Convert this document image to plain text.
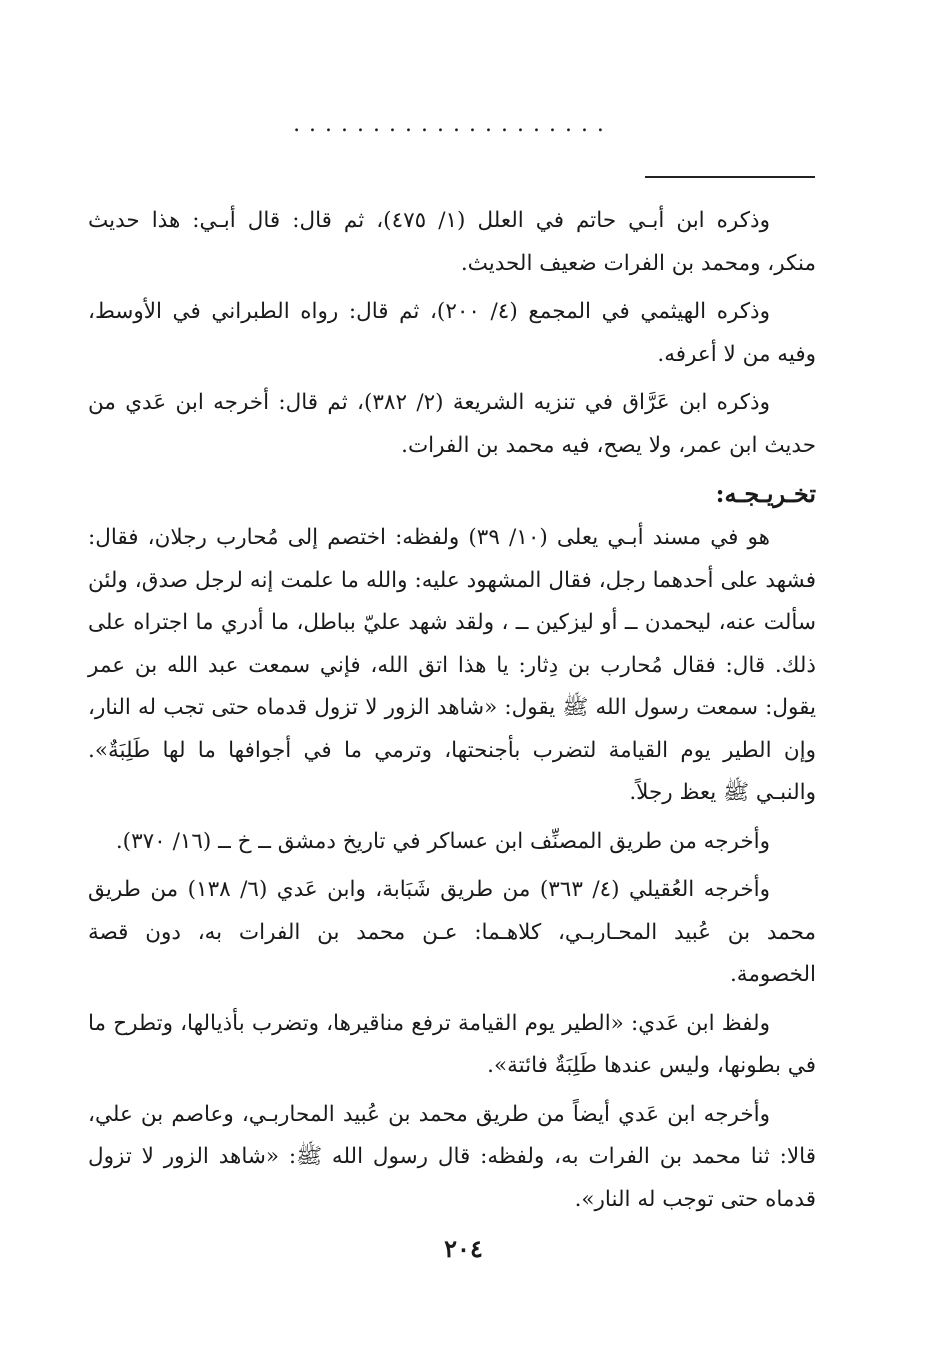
....................
وذكره ابن أبـي حاتم في العلل (١/ ٤٧٥)، ثم قال: قال أبـي: هذا حديث
منكر، ومحمد بن الفرات ضعيف الحديث.
وذكره الهيثمي في المجمع (٤/ ٢٠٠)، ثم قال: رواه الطبراني في الأوسط،
وفيه من لا أعرفه.
وذكره ابن عَرَّاق في تنزيه الشريعة (٢/ ٣٨٢)، ثم قال: أخرجه ابن عَدي من
حديث ابن عمر، ولا يصح، فيه محمد بن الفرات.
تخـريـجـه:
هو في مسند أبـي يعلى (١٠/ ٣٩) ولفظه: اختصم إلى مُحارب رجلان، فقال:
فشهد على أحدهما رجل، فقال المشهود عليه: والله ما علمت إنه لرجل صدق، ولئن
سألت عنه، ليحمدن ــ أو ليزكين ــ ، ولقد شهد عليّ بباطل، ما أدري ما اجتراه على
ذلك. قال: فقال مُحارب بن دِثار: يا هذا اتق الله، فإني سمعت عبد الله بن عمر
يقول: سمعت رسول الله ﷺ يقول: «شاهد الزور لا تزول قدماه حتى تجب له النار،
وإن الطير يوم القيامة لتضرب بأجنحتها، وترمي ما في أجوافها ما لها طَلِبَةٌ».
والنبـي ﷺ يعظ رجلاً.
وأخرجه من طريق المصنِّف ابن عساكر في تاريخ دمشق ــ خ ــ (١٦/ ٣٧٠).
وأخرجه العُقيلي (٤/ ٣٦٣) من طريق شَبَابة، وابن عَدي (٦/ ١٣٨) من طريق
محمد بن عُبيد المحـاربـي، كلاهـما: عـن محمد بن الفرات به، دون قصة
الخصومة.
ولفظ ابن عَدي: «الطير يوم القيامة ترفع مناقيرها، وتضرب بأذيالها، وتطرح ما
في بطونها، وليس عندها طَلِبَةٌ فائتة».
وأخرجه ابن عَدي أيضاً من طريق محمد بن عُبيد المحاربـي، وعاصم بن علي،
قالا: ثنا محمد بن الفرات به، ولفظه: قال رسول الله ﷺ: «شاهد الزور لا تزول
قدماه حتى توجب له النار».
٢٠٤
